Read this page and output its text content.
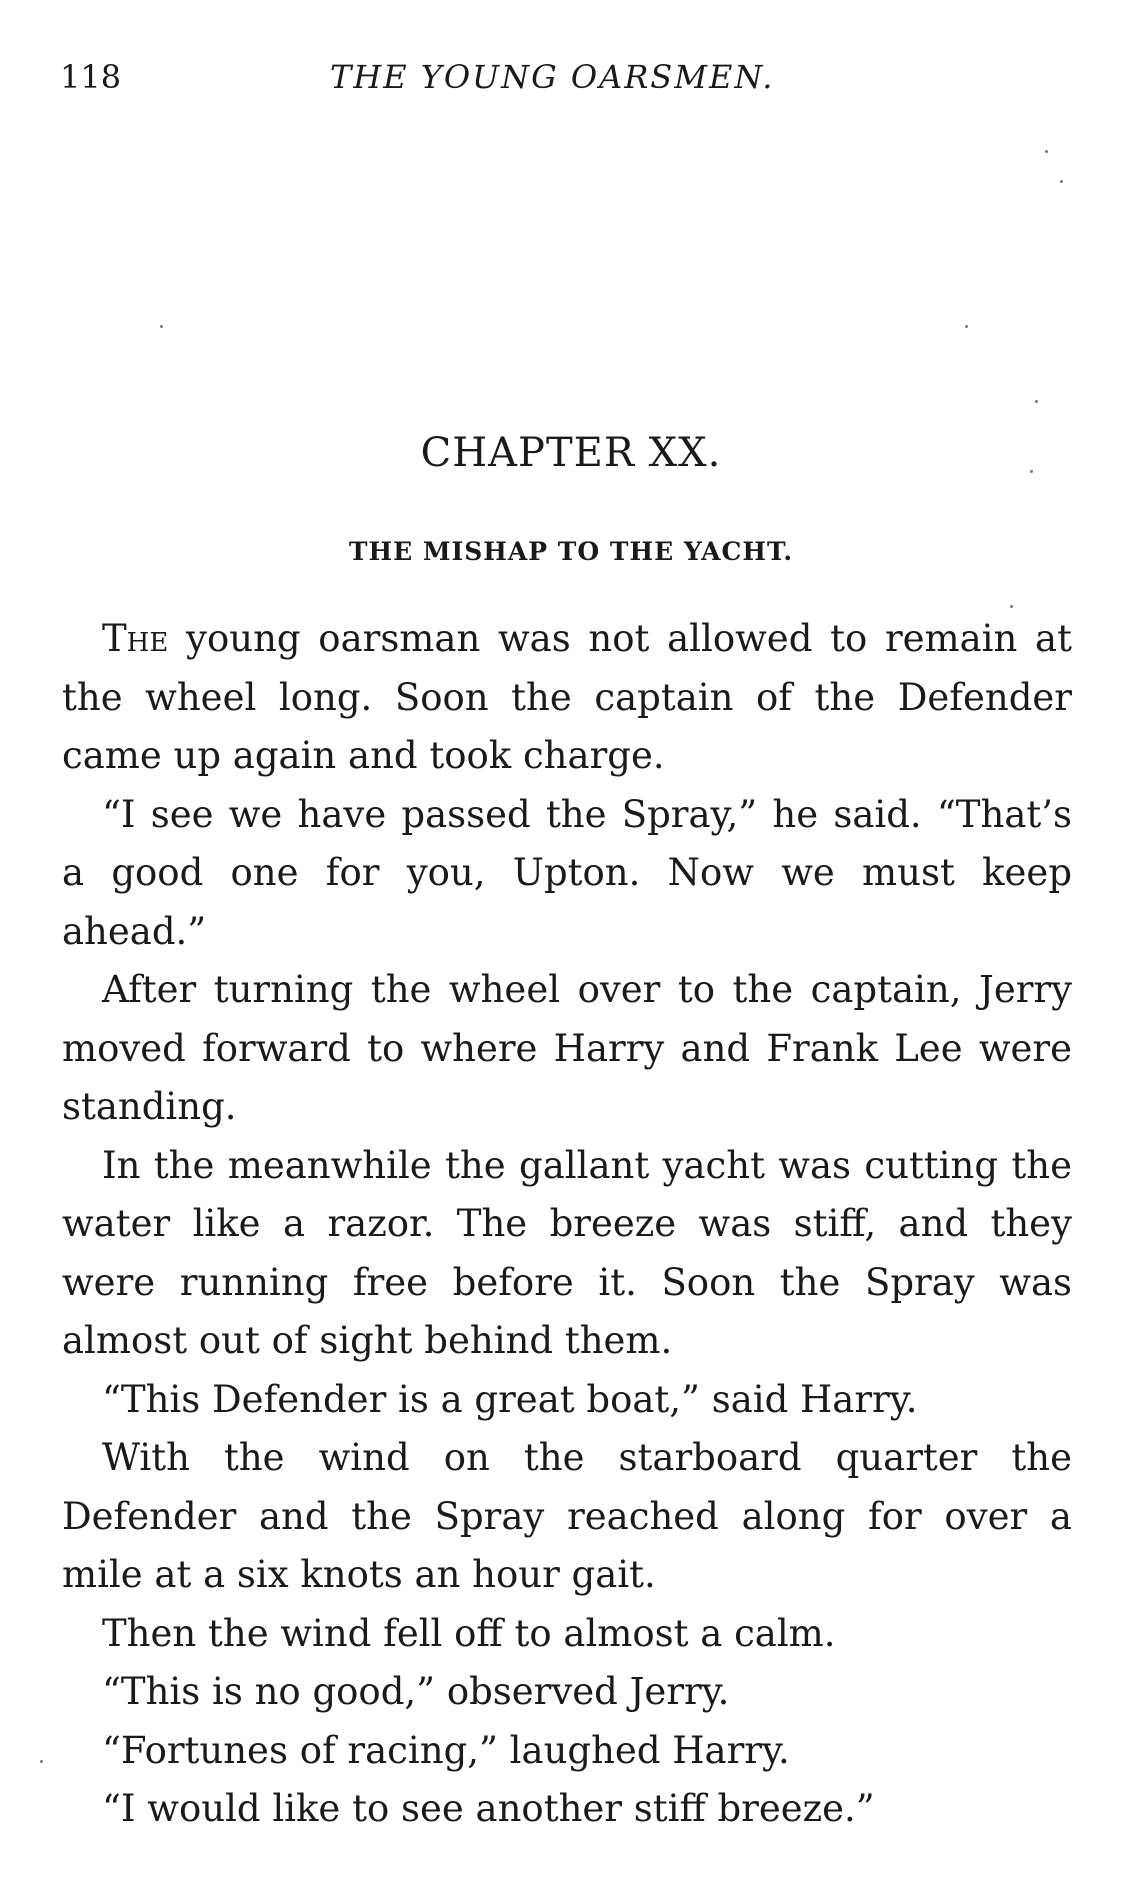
118	THE YOUNG OARSMEN.
CHAPTER XX.
THE MISHAP TO THE YACHT.

The young oarsman was not allowed to remain at the wheel long. Soon the captain of the Defender came up again and took charge.

“I see we have passed the Spray,” he said. “That’s a good one for you, Upton. Now we must keep ahead.”

After turning the wheel over to the captain, Jerry moved forward to where Harry and Frank Lee were standing.

In the meanwhile the gallant yacht was cutting the water like a razor. The breeze was stiff, and they were running free before it. Soon the Spray was almost out of sight behind them.

“This Defender is a great boat,” said Harry.

With the wind on the starboard quarter the Defender and the Spray reached along for over a mile at a six knots an hour gait.

Then the wind fell off to almost a calm.

“This is no good,” observed Jerry.

“Fortunes of racing,” laughed Harry.

“I would like to see another stiff breeze.”
